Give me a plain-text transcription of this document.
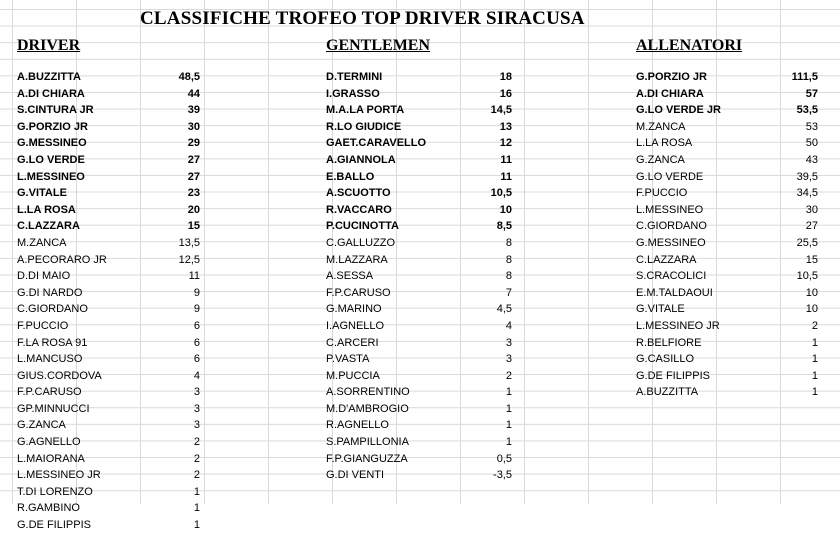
CLASSIFICHE TROFEO TOP DRIVER SIRACUSA
DRIVER
A.BUZZITTA	48,5
A.DI CHIARA	44
S.CINTURA JR	39
G.PORZIO JR	30
G.MESSINEO	29
G.LO VERDE	27
L.MESSINEO	27
G.VITALE	23
L.LA ROSA	20
C.LAZZARA	15
M.ZANCA	13,5
A.PECORARO JR	12,5
D.DI MAIO	11
G.DI NARDO	9
C.GIORDANO	9
F.PUCCIO	6
F.LA ROSA 91	6
L.MANCUSO	6
GIUS.CORDOVA	4
F.P.CARUSO	3
GP.MINNUCCI	3
G.ZANCA	3
G.AGNELLO	2
L.MAIORANA	2
L.MESSINEO JR	2
T.DI LORENZO	1
R.GAMBINO	1
G.DE FILIPPIS	1
GENTLEMEN
D.TERMINI	18
I.GRASSO	16
M.A.LA PORTA	14,5
R.LO GIUDICE	13
GAET.CARAVELLO	12
A.GIANNOLA	11
E.BALLO	11
A.SCUOTTO	10,5
R.VACCARO	10
P.CUCINOTTA	8,5
C.GALLUZZO	8
M.LAZZARA	8
A.SESSA	8
F.P.CARUSO	7
G.MARINO	4,5
I.AGNELLO	4
C.ARCERI	3
P.VASTA	3
M.PUCCIA	2
A.SORRENTINO	1
M.D'AMBROGIO	1
R.AGNELLO	1
S.PAMPILLONIA	1
F.P.GIANGUZZA	0,5
G.DI VENTI	-3,5
ALLENATORI
G.PORZIO JR	111,5
A.DI CHIARA	57
G.LO VERDE JR	53,5
M.ZANCA	53
L.LA ROSA	50
G.ZANCA	43
G.LO VERDE	39,5
F.PUCCIO	34,5
L.MESSINEO	30
C.GIORDANO	27
G.MESSINEO	25,5
C.LAZZARA	15
S.CRACOLICI	10,5
E.M.TALDAOUI	10
G.VITALE	10
L.MESSINEO JR	2
R.BELFIORE	1
G.CASILLO	1
G.DE FILIPPIS	1
A.BUZZITTA	1
